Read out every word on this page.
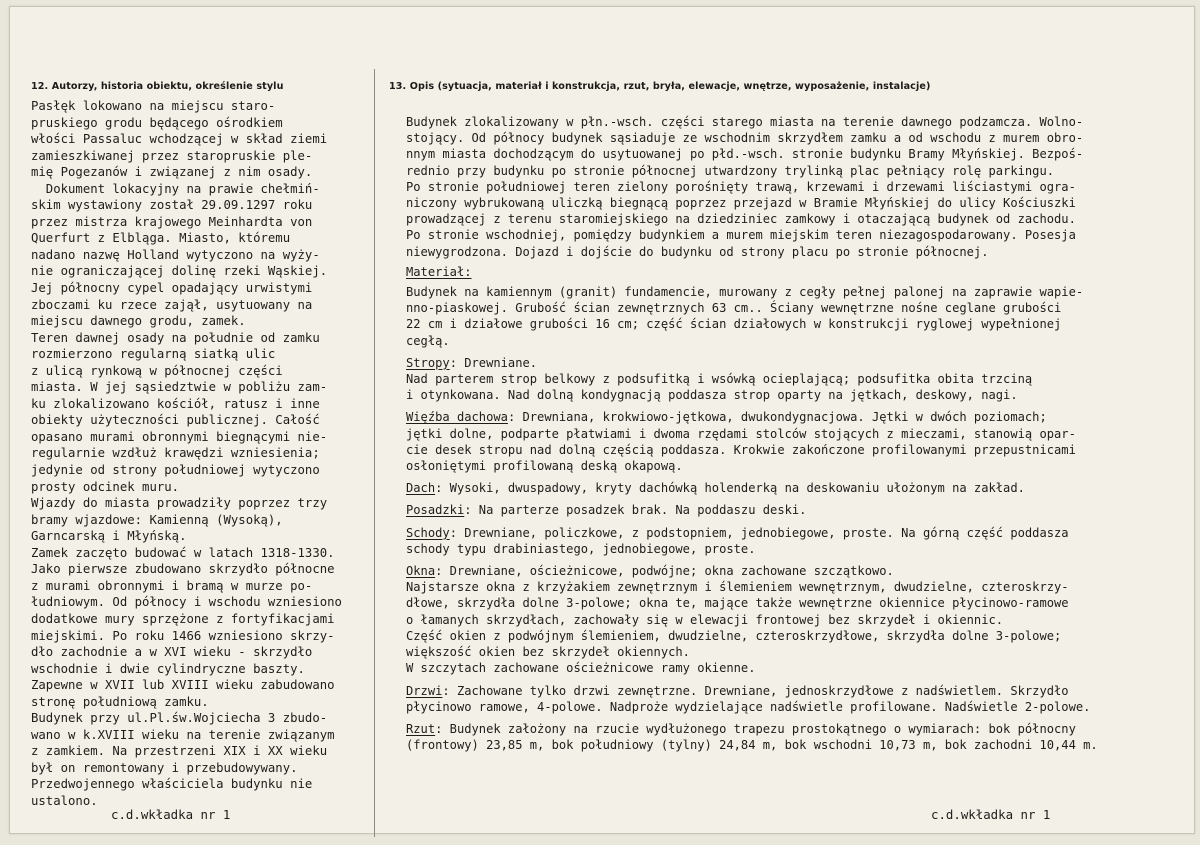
12. Autorzy, historia obiektu, określenie stylu	13. Opis (sytuacja, materiał i konstrukcja, rzut, bryła, elewacje, wnętrze, wyposażenie, instalacje)
Pasłęk lokowano na miejscu staro-
pruskiego grodu będącego ośrodkiem
włości Passaluc wchodzącej w skład ziemi
zamieszkiwanej przez staropruskie ple-
mię Pogezanów i związanej z nim osady.
Dokument lokacyjny na prawie chełmiń-
skim wystawiony został 29.09.1297 roku
przez mistrza krajowego Meinhardta von
Querfurt z Elbląga. Miasto, któremu
nadano nazwę Holland wytyczono na wyży-
nie ograniczającej dolinę rzeki Wąskiej.
Jej północny cypel opadający urwistymi
zboczami ku rzece zajął, usytuowany na
miejscu dawnego grodu, zamek.
Teren dawnej osady na południe od zamku
rozmierzono regularną siatką ulic
z ulicą rynkową w północnej części
miasta. W jej sąsiedztwie w pobliżu zam-
ku zlokalizowano kościół, ratusz i inne
obiekty użyteczności publicznej. Całość
opasano murami obronnymi biegnącymi nie-
regularnie wzdłuż krawędzi wzniesienia;
jedynie od strony południowej wytyczono
prosty odcinek muru.
Wjazdy do miasta prowadziły poprzez trzy
bramy wjazdowe: Kamienną (Wysoką),
Garncarską i Młyńską.
Zamek zaczęto budować w latach 1318-1330.
Jako pierwsze zbudowano skrzydło północne
z murami obronnymi i bramą w murze po-
łudniowym. Od północy i wschodu wzniesiono
dodatkowe mury sprzężone z fortyfikacjami
miejskimi. Po roku 1466 wzniesiono skrzy-
dło zachodnie a w XVI wieku - skrzydło
wschodnie i dwie cylindryczne baszty.
Zapewne w XVII lub XVIII wieku zabudowano
stronę południową zamku.
Budynek przy ul.Pl.św.Wojciecha 3 zbudo-
wano w k.XVIII wieku na terenie związanym
z zamkiem. Na przestrzeni XIX i XX wieku
był on remontowany i przebudowywany.
Przedwojennego właściciela budynku nie
ustalono.
Budynek zlokalizowany w płn.-wsch. części starego miasta na terenie dawnego podzamcza. Wolno-
stojący. Od północy budynek sąsiaduje ze wschodnim skrzydłem zamku a od wschodu z murem obro-
nnym miasta dochodzącym do usytuowanej po płd.-wsch. stronie budynku Bramy Młyńskiej. Bezpoś-
rednio przy budynku po stronie północnej utwardzony trylinką plac pełniący rolę parkingu.
Po stronie południowej teren zielony porośnięty trawą, krzewami i drzewami liściastymi ogra-
niczony wybrukowaną uliczką biegnącą poprzez przejazd w Bramie Młyńskiej do ulicy Kościuszki
prowadzącej z terenu staromiejskiego na dziedziniec zamkowy i otaczającą budynek od zachodu.
Po stronie wschodniej, pomiędzy budynkiem a murem miejskim teren niezagospodarowany. Posesja
niewygrodzona. Dojazd i dojście do budynku od strony placu po stronie północnej.
Materiał:
Budynek na kamiennym (granit) fundamencie, murowany z cegły pełnej palonej na zaprawie wapie-
nno-piaskowej. Grubość ścian zewnętrznych 63 cm.. Ściany wewnętrzne nośne ceglane grubości
22 cm i działowe grubości 16 cm; część ścian działowych w konstrukcji ryglowej wypełnionej
cegłą.
Stropy: Drewniane.
Nad parterem strop belkowy z podsufitką i wsówką ocieplającą; podsufitka obita trzciną
i otynkowana. Nad dolną kondygnacją poddasza strop oparty na jętkach, deskowy, nagi.
Więźba dachowa: Drewniana, krokwiowo-jętkowa, dwukondygnacjowa. Jętki w dwóch poziomach;
jętki dolne, podparte płatwiami i dwoma rzędami stolców stojących z mieczami, stanowią opar-
cie desek stropu nad dolną częścią poddasza. Krokwie zakończone profilowanymi przepustnicami
osłoniętymi profilowaną deską okapową.
Dach: Wysoki, dwuspadowy, kryty dachówką holenderką na deskowaniu ułożonym na zakład.
Posadzki: Na parterze posadzek brak. Na poddaszu deski.
Schody: Drewniane, policzkowe, z podstopniem, jednobiegowe, proste. Na górną część poddasza
schody typu drabiniastego, jednobiegowe, proste.
Okna: Drewniane, ościeżnicowe, podwójne; okna zachowane szczątkowo.
Najstarsze okna z krzyżakiem zewnętrznym i ślemieniem wewnętrznym, dwudzielne, czteroskrzy-
dłowe, skrzydła dolne 3-polowe; okna te, mające także wewnętrzne okiennice płycinowo-ramowe
o łamanych skrzydłach, zachowały się w elewacji frontowej bez skrzydeł i okiennic.
Część okien z podwójnym ślemieniem, dwudzielne, czteroskrzydłowe, skrzydła dolne 3-polowe;
większość okien bez skrzydeł okiennych.
W szczytach zachowane ościeżnicowe ramy okienne.
Drzwi: Zachowane tylko drzwi zewnętrzne. Drewniane, jednoskrzydłowe z nadświetlem. Skrzydło
płycinowo ramowe, 4-polowe. Nadproże wydzielające nadświetle profilowane. Nadświetle 2-polowe.
Rzut: Budynek założony na rzucie wydłużonego trapezu prostokątnego o wymiarach: bok północny
(frontowy) 23,85 m, bok południowy (tylny) 24,84 m, bok wschodni 10,73 m, bok zachodni 10,44 m.
c.d.wkładka nr 1	c.d.wkładka nr 1
